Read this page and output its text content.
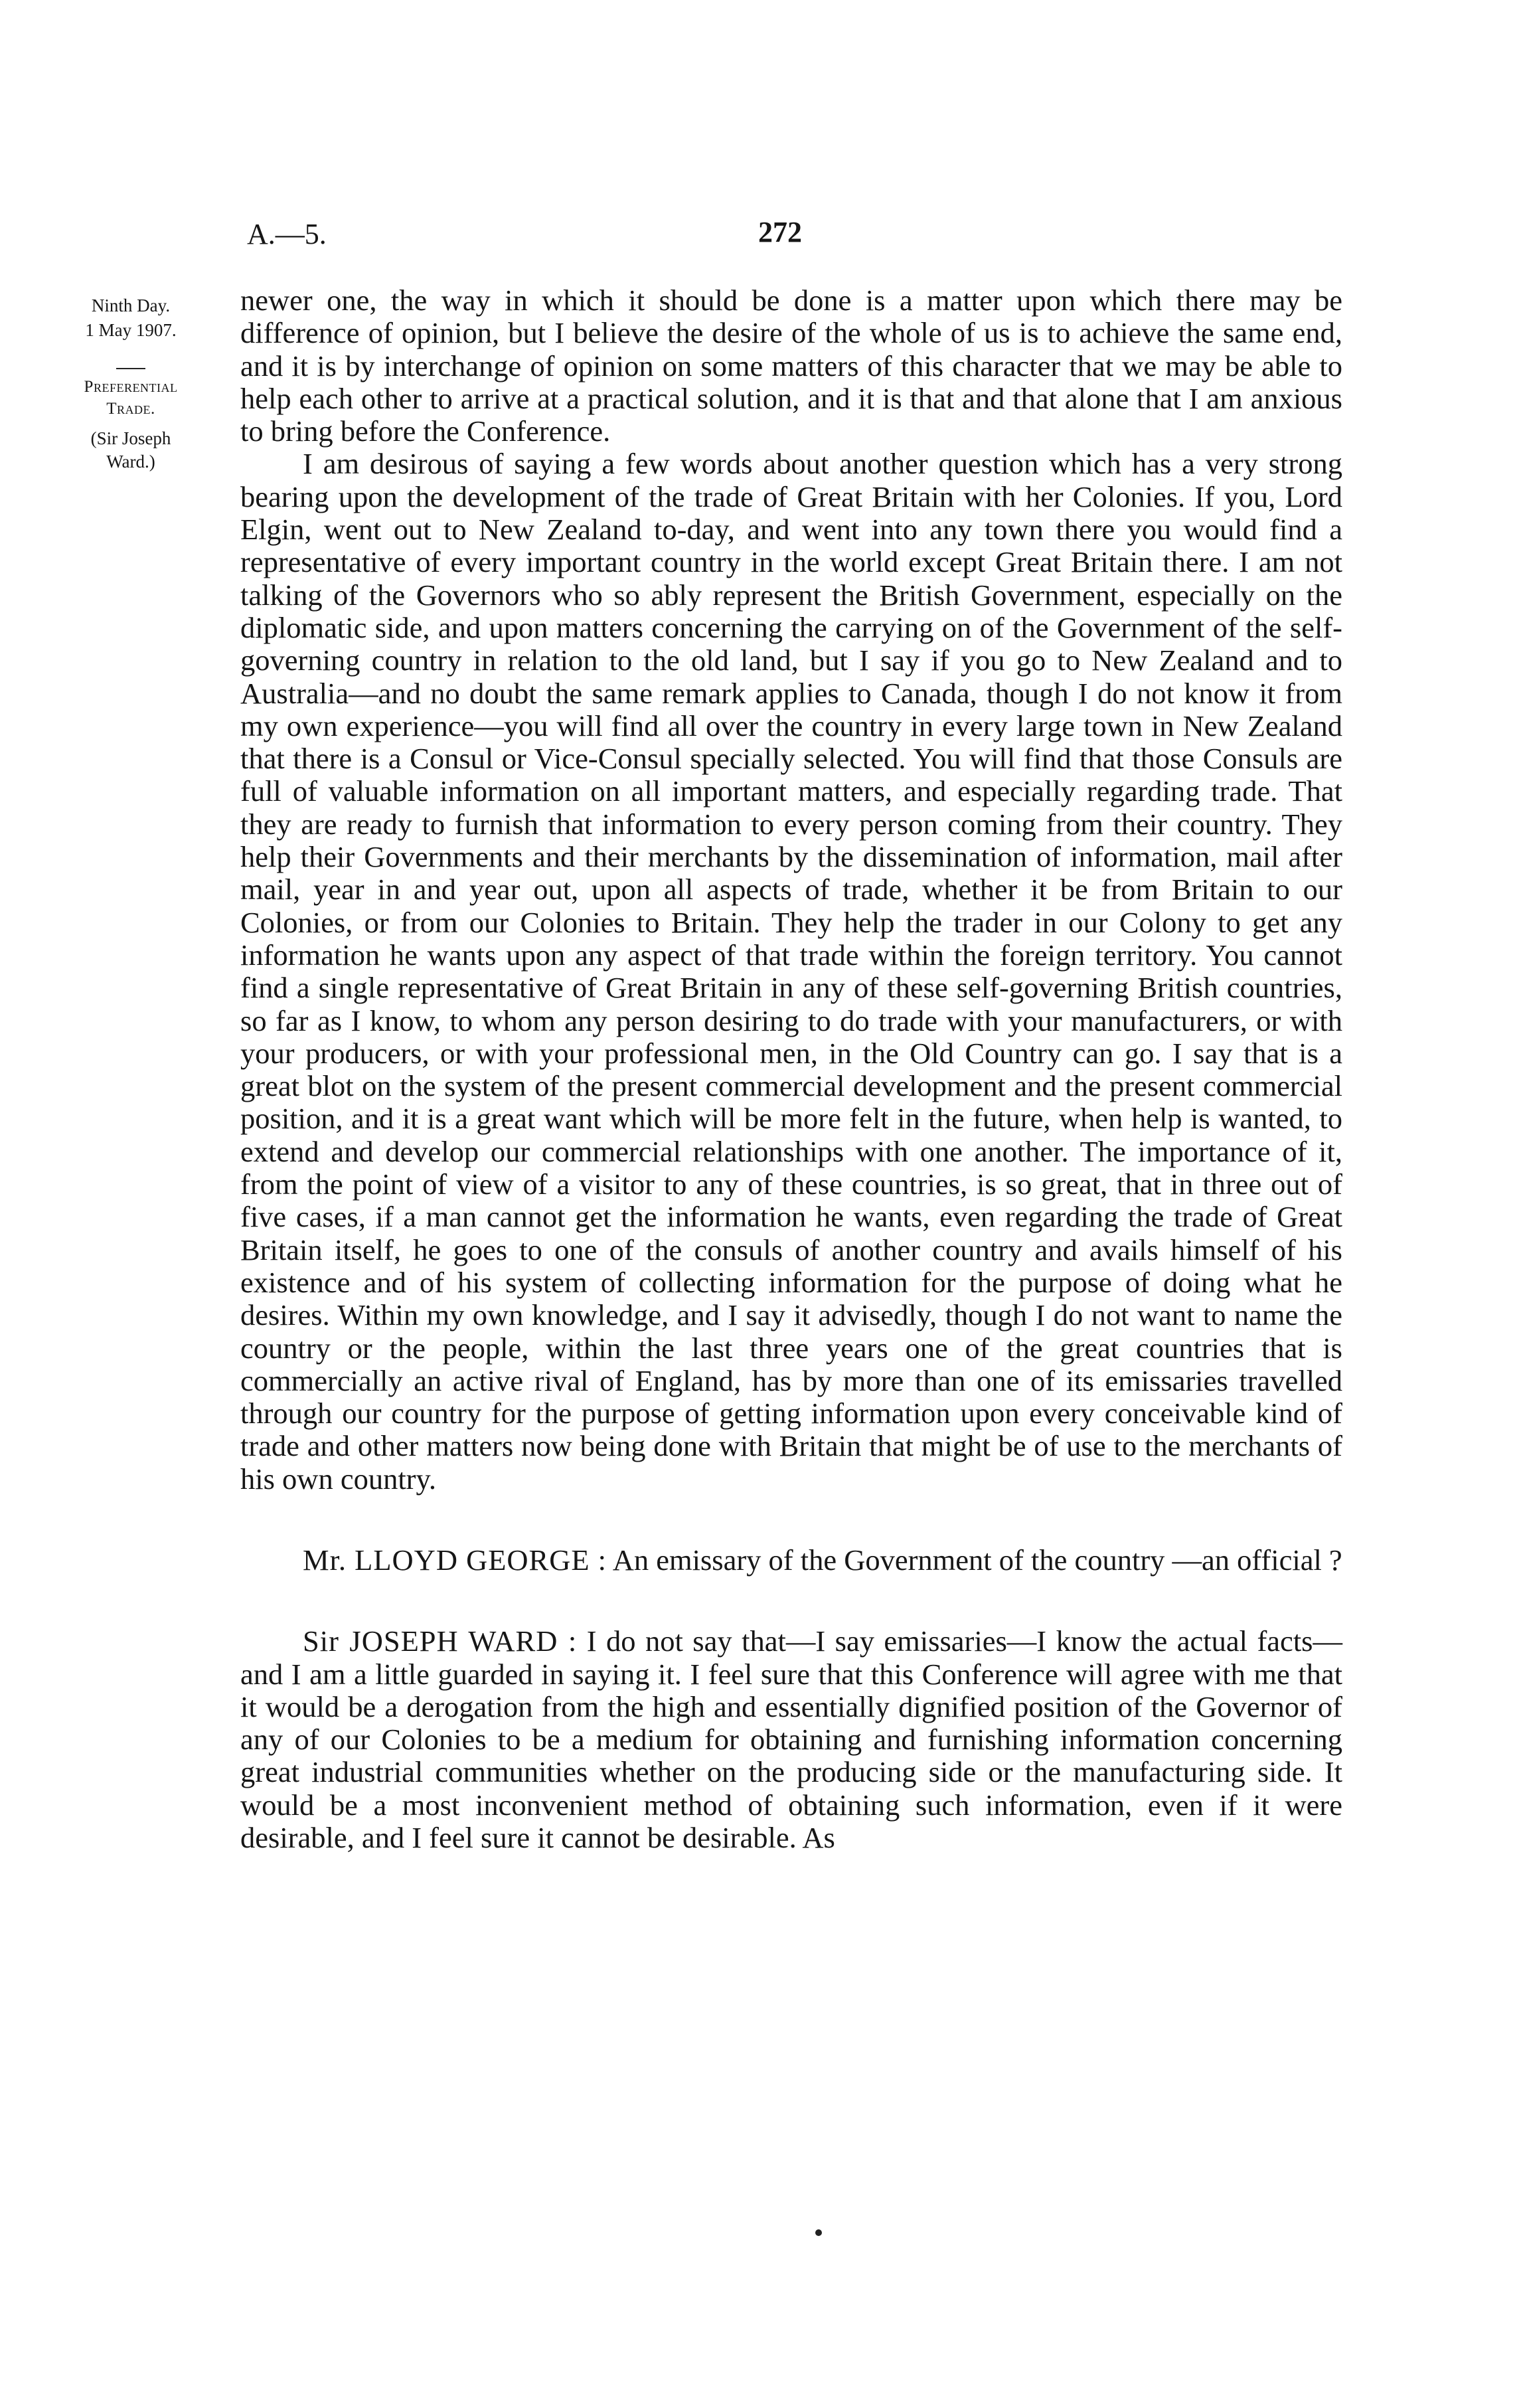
A.—5.	272
Ninth Day.
1 May 1907.
Preferential
Trade.
(Sir Joseph
Ward.)

newer one, the way in which it should be done is a matter upon which there may be difference of opinion, but I believe the desire of the whole of us is to achieve the same end, and it is by interchange of opinion on some matters of this character that we may be able to help each other to arrive at a practical solution, and it is that and that alone that I am anxious to bring before the Conference.

I am desirous of saying a few words about another question which has a very strong bearing upon the development of the trade of Great Britain with her Colonies. If you, Lord Elgin, went out to New Zealand to-day, and went into any town there you would find a representative of every important country in the world except Great Britain there. I am not talking of the Governors who so ably represent the British Government, especially on the diplomatic side, and upon matters concerning the carrying on of the Government of the self-governing country in relation to the old land, but I say if you go to New Zealand and to Australia—and no doubt the same remark applies to Canada, though I do not know it from my own experience—you will find all over the country in every large town in New Zealand that there is a Consul or Vice-Consul specially selected. You will find that those Consuls are full of valuable information on all important matters, and especially regarding trade. That they are ready to furnish that information to every person coming from their country. They help their Governments and their merchants by the dissemination of information, mail after mail, year in and year out, upon all aspects of trade, whether it be from Britain to our Colonies, or from our Colonies to Britain. They help the trader in our Colony to get any information he wants upon any aspect of that trade within the foreign territory. You cannot find a single representative of Great Britain in any of these self-governing British countries, so far as I know, to whom any person desiring to do trade with your manufacturers, or with your producers, or with your professional men, in the Old Country can go. I say that is a great blot on the system of the present commercial development and the present commercial position, and it is a great want which will be more felt in the future, when help is wanted, to extend and develop our commercial relationships with one another. The importance of it, from the point of view of a visitor to any of these countries, is so great, that in three out of five cases, if a man cannot get the information he wants, even regarding the trade of Great Britain itself, he goes to one of the consuls of another country and avails himself of his existence and of his system of collecting information for the purpose of doing what he desires. Within my own knowledge, and I say it advisedly, though I do not want to name the country or the people, within the last three years one of the great countries that is commercially an active rival of England, has by more than one of its emissaries travelled through our country for the purpose of getting information upon every conceivable kind of trade and other matters now being done with Britain that might be of use to the merchants of his own country.

Mr. LLOYD GEORGE : An emissary of the Government of the country —an official ?

Sir JOSEPH WARD : I do not say that—I say emissaries—I know the actual facts—and I am a little guarded in saying it. I feel sure that this Conference will agree with me that it would be a derogation from the high and essentially dignified position of the Governor of any of our Colonies to be a medium for obtaining and furnishing information concerning great industrial communities whether on the producing side or the manufacturing side. It would be a most inconvenient method of obtaining such information, even if it were desirable, and I feel sure it cannot be desirable. As
